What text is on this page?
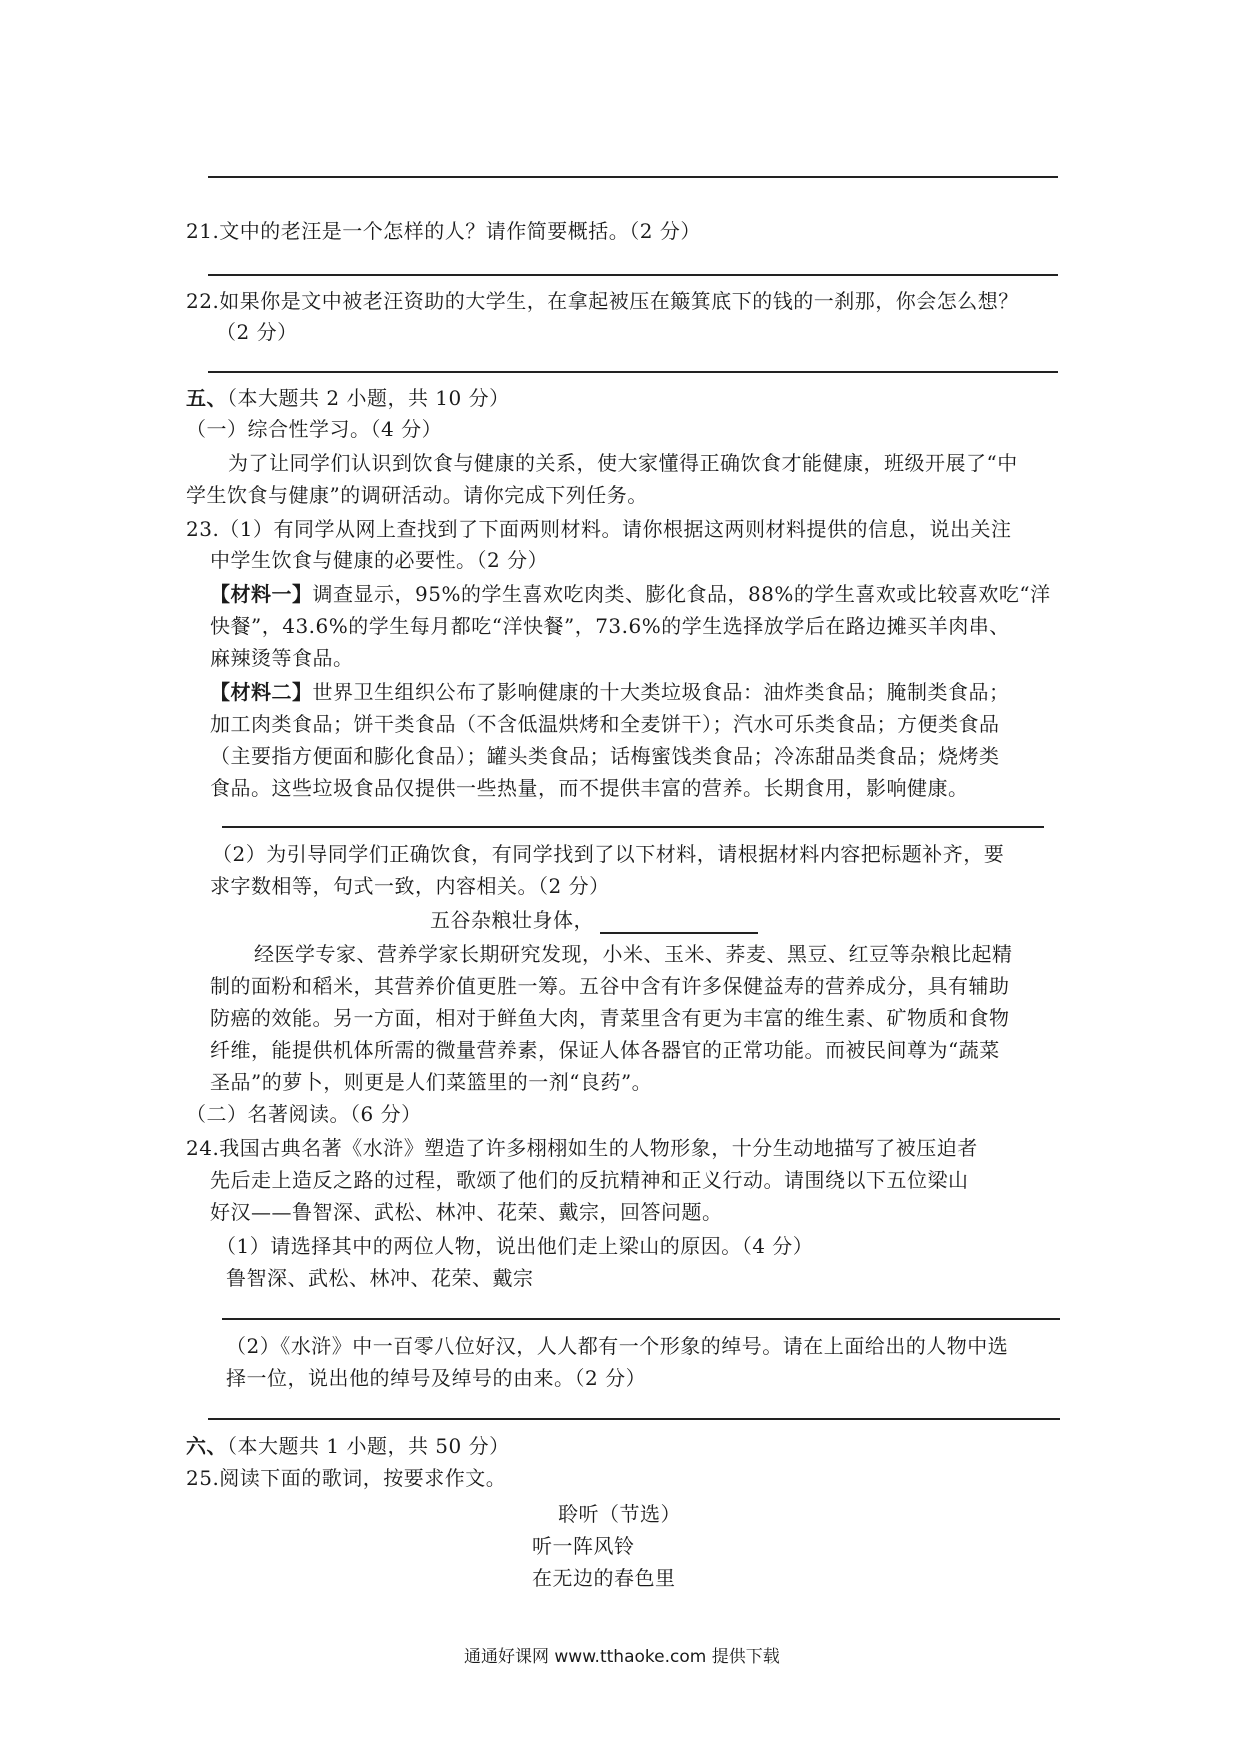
21.文中的老汪是一个怎样的人？请作简要概括。（2 分）
22.如果你是文中被老汪资助的大学生，在拿起被压在簸箕底下的钱的一刹那，你会怎么想？
（2 分）
五、（本大题共 2 小题，共 10 分）
（一）综合性学习。（4 分）
为了让同学们认识到饮食与健康的关系，使大家懂得正确饮食才能健康，班级开展了“中
学生饮食与健康”的调研活动。请你完成下列任务。
23.（1）有同学从网上查找到了下面两则材料。请你根据这两则材料提供的信息，说出关注
中学生饮食与健康的必要性。（2 分）
【材料一】调查显示，95%的学生喜欢吃肉类、膨化食品，88%的学生喜欢或比较喜欢吃“洋
快餐”，43.6%的学生每月都吃“洋快餐”，73.6%的学生选择放学后在路边摊买羊肉串、
麻辣烫等食品。
【材料二】世界卫生组织公布了影响健康的十大类垃圾食品：油炸类食品；腌制类食品；
加工肉类食品；饼干类食品（不含低温烘烤和全麦饼干）；汽水可乐类食品；方便类食品
（主要指方便面和膨化食品）；罐头类食品；话梅蜜饯类食品；冷冻甜品类食品；烧烤类
食品。这些垃圾食品仅提供一些热量，而不提供丰富的营养。长期食用，影响健康。
（2）为引导同学们正确饮食，有同学找到了以下材料，请根据材料内容把标题补齐，要
求字数相等，句式一致，内容相关。（2 分）
五谷杂粮壮身体，
经医学专家、营养学家长期研究发现，小米、玉米、荞麦、黑豆、红豆等杂粮比起精
制的面粉和稻米，其营养价值更胜一筹。五谷中含有许多保健益寿的营养成分，具有辅助
防癌的效能。另一方面，相对于鲜鱼大肉，青菜里含有更为丰富的维生素、矿物质和食物
纤维，能提供机体所需的微量营养素，保证人体各器官的正常功能。而被民间尊为“蔬菜
圣品”的萝卜，则更是人们菜篮里的一剂“良药”。
（二）名著阅读。（6 分）
24.我国古典名著《水浒》塑造了许多栩栩如生的人物形象，十分生动地描写了被压迫者
先后走上造反之路的过程，歌颂了他们的反抗精神和正义行动。请围绕以下五位梁山
好汉——鲁智深、武松、林冲、花荣、戴宗，回答问题。
（1）请选择其中的两位人物，说出他们走上梁山的原因。（4 分）
鲁智深、武松、林冲、花荣、戴宗
（2）《水浒》中一百零八位好汉，人人都有一个形象的绰号。请在上面给出的人物中选
择一位，说出他的绰号及绰号的由来。（2 分）
六、（本大题共 1 小题，共 50 分）
25.阅读下面的歌词，按要求作文。
聆听（节选）
听一阵风铃
在无边的春色里
通通好课网 www.tthaoke.com 提供下载
